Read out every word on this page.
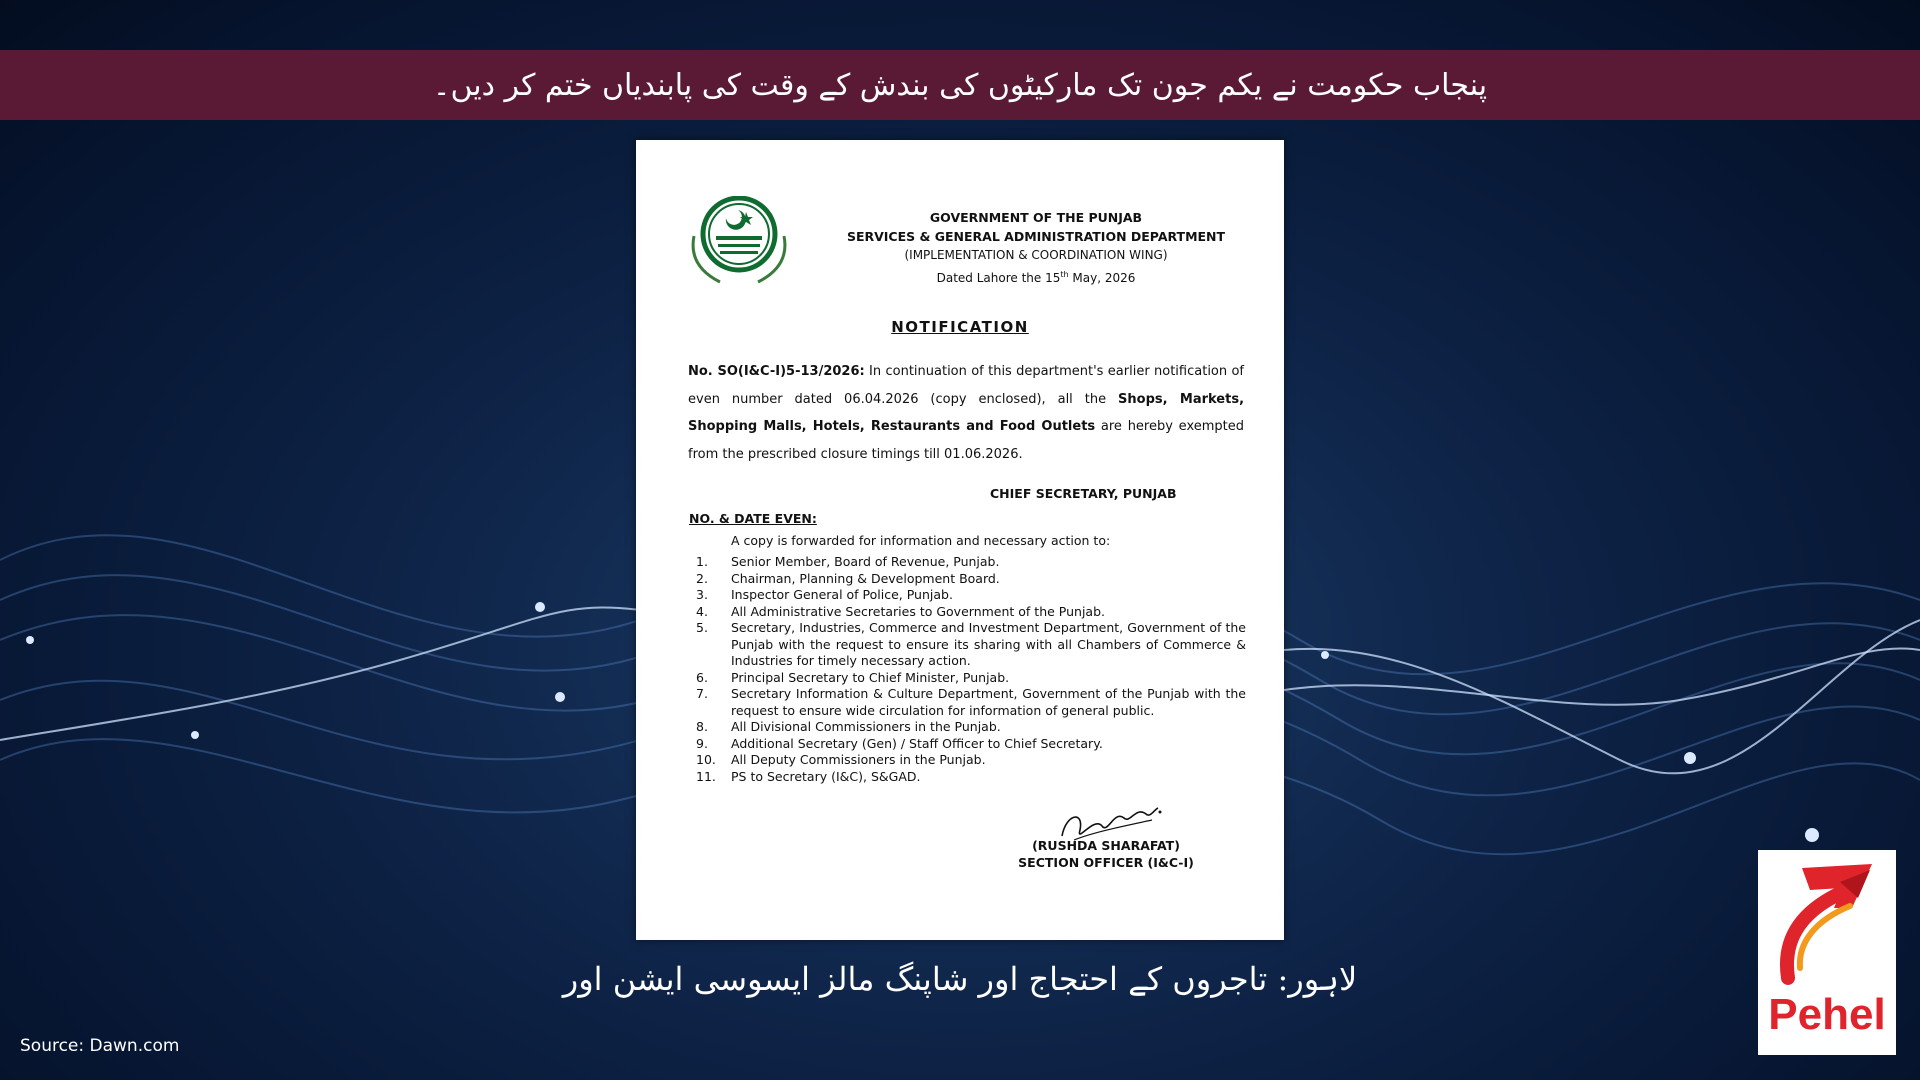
پنجاب حکومت نے یکم جون تک مارکیٹوں کی بندش کے وقت کی پابندیاں ختم کر دیں۔
GOVERNMENT OF THE PUNJAB
SERVICES & GENERAL ADMINISTRATION DEPARTMENT
(IMPLEMENTATION & COORDINATION WING)
Dated Lahore the 15th May, 2026
NOTIFICATION
No. SO(I&C-I)5-13/2026: In continuation of this department's earlier notification of even number dated 06.04.2026 (copy enclosed), all the Shops, Markets, Shopping Malls, Hotels, Restaurants and Food Outlets are hereby exempted from the prescribed closure timings till 01.06.2026.
CHIEF SECRETARY, PUNJAB
NO. & DATE EVEN:
A copy is forwarded for information and necessary action to:
1.	Senior Member, Board of Revenue, Punjab.
2.	Chairman, Planning & Development Board.
3.	Inspector General of Police, Punjab.
4.	All Administrative Secretaries to Government of the Punjab.
5.	Secretary, Industries, Commerce and Investment Department, Government of the Punjab with the request to ensure its sharing with all Chambers of Commerce & Industries for timely necessary action.
6.	Principal Secretary to Chief Minister, Punjab.
7.	Secretary Information & Culture Department, Government of the Punjab with the request to ensure wide circulation for information of general public.
8.	All Divisional Commissioners in the Punjab.
9.	Additional Secretary (Gen) / Staff Officer to Chief Secretary.
10.	All Deputy Commissioners in the Punjab.
11.	PS to Secretary (I&C), S&GAD.
(RUSHDA SHARAFAT)
SECTION OFFICER (I&C-I)
لاہور: تاجروں کے احتجاج اور شاپنگ مالز ایسوسی ایشن اور
Source: Dawn.com
Pehel
